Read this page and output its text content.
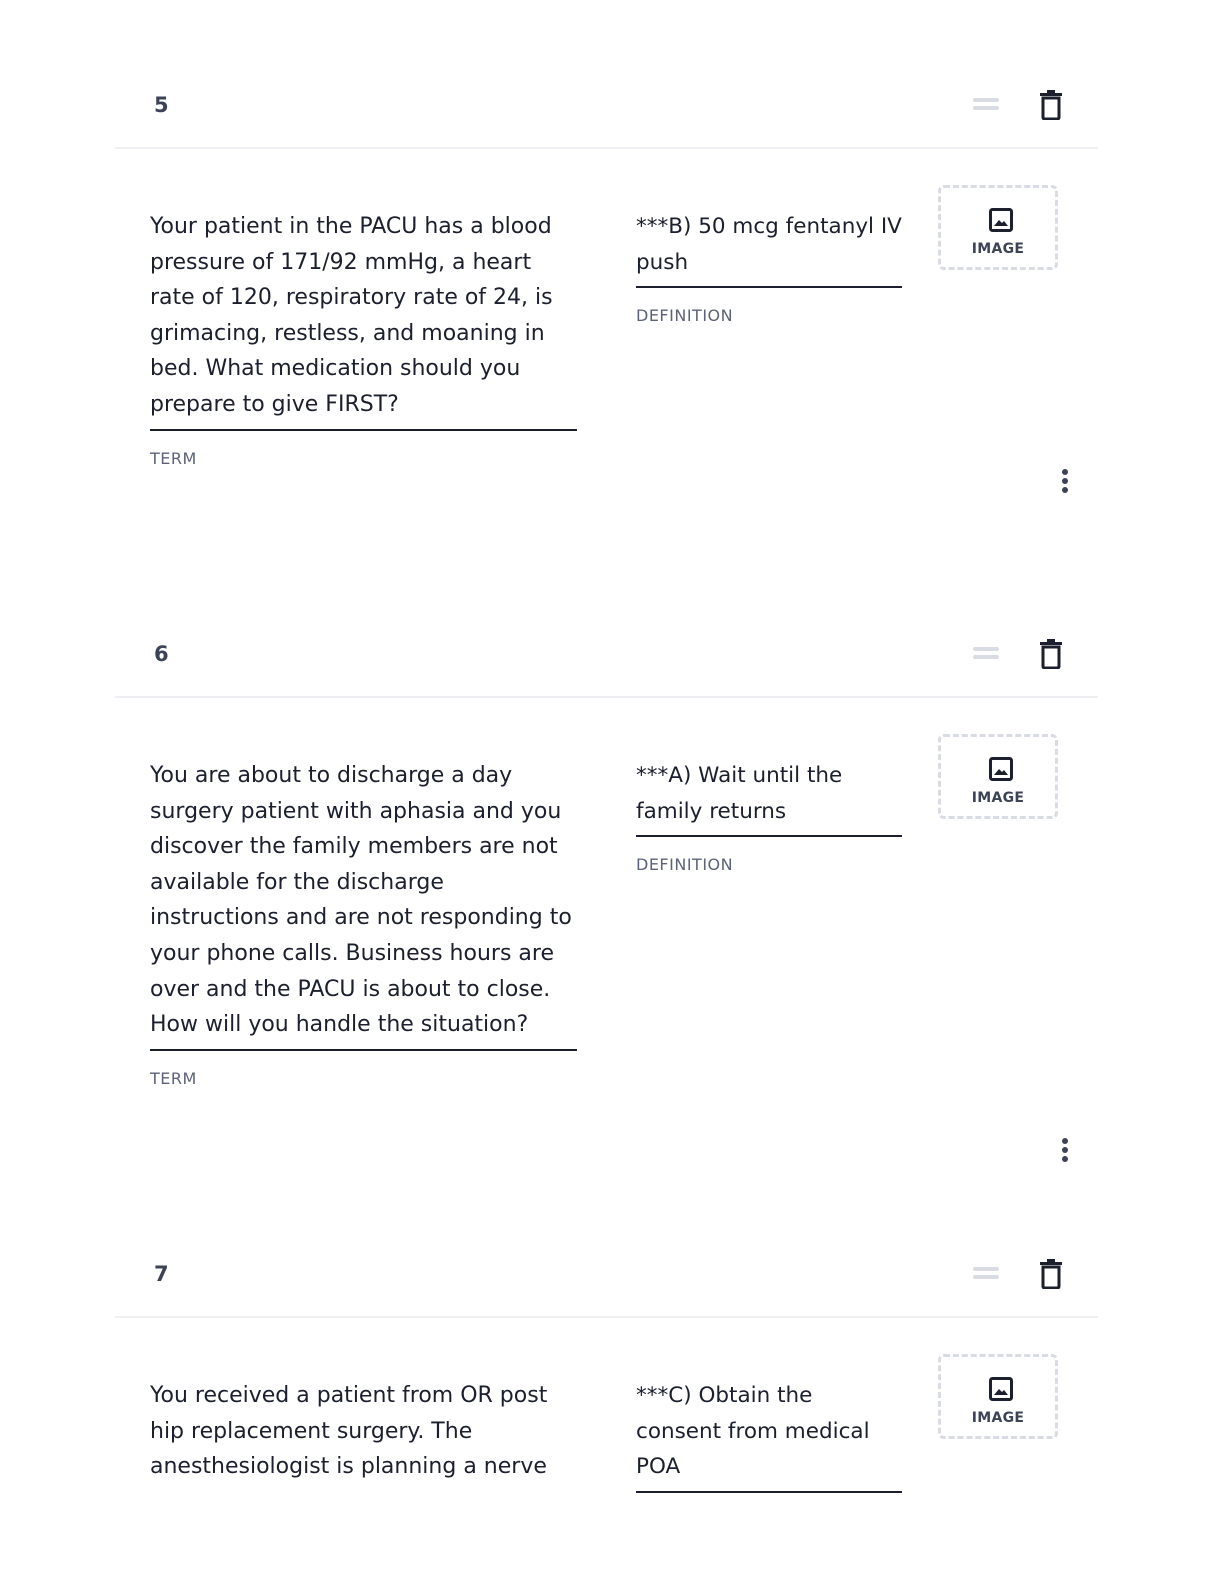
5
Your patient in the PACU has a blood pressure of 171/92 mmHg, a heart rate of 120, respiratory rate of 24, is grimacing, restless, and moaning in bed. What medication should you prepare to give FIRST?
TERM
***B) 50 mcg fentanyl IV push
DEFINITION
IMAGE
6
You are about to discharge a day surgery patient with aphasia and you discover the family members are not available for the discharge instructions and are not responding to your phone calls. Business hours are over and the PACU is about to close. How will you handle the situation?
TERM
***A) Wait until the family returns
DEFINITION
IMAGE
7
You received a patient from OR post hip replacement surgery. The anesthesiologist is planning a nerve
***C) Obtain the consent from medical POA
IMAGE
